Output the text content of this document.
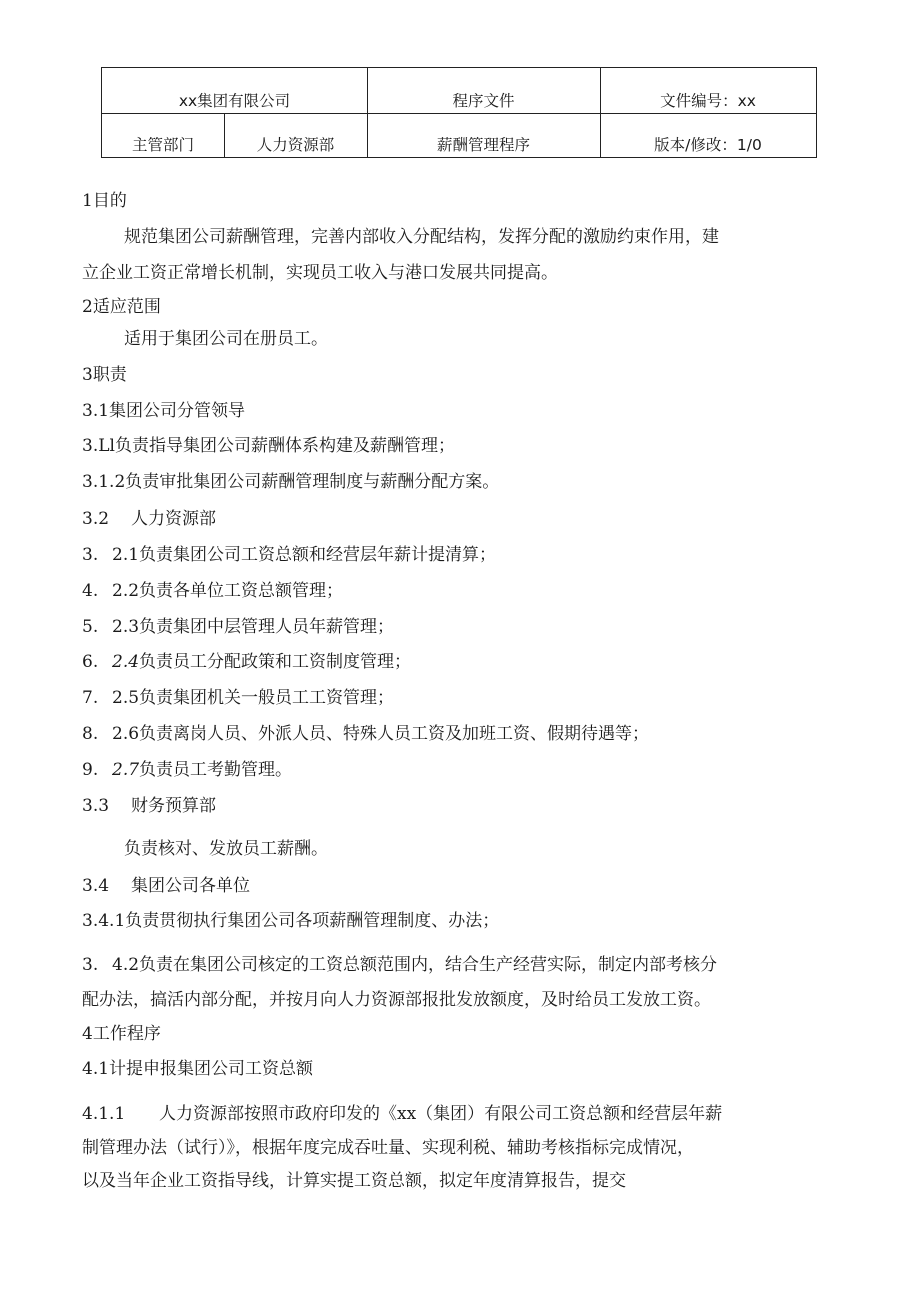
xx集团有限公司	程序文件	文件编号：xx
主管部门	人力资源部	薪酬管理程序	版本/修改：1/0
1目的
规范集团公司薪酬管理，完善内部收入分配结构，发挥分配的激励约束作用，建
立企业工资正常增长机制，实现员工收入与港口发展共同提高。
2适应范围
适用于集团公司在册员工。
3职责
3.1集团公司分管领导
3.Ll负责指导集团公司薪酬体系构建及薪酬管理；
3.1.2负责审批集团公司薪酬管理制度与薪酬分配方案。
3.2 人力资源部
3. 2.1负责集团公司工资总额和经营层年薪计提清算；
4. 2.2负责各单位工资总额管理；
5. 2.3负责集团中层管理人员年薪管理；
6. 2.4负责员工分配政策和工资制度管理；
7. 2.5负责集团机关一般员工工资管理；
8. 2.6负责离岗人员、外派人员、特殊人员工资及加班工资、假期待遇等；
9. 2.7负责员工考勤管理。
3.3 财务预算部
负责核对、发放员工薪酬。
3.4 集团公司各单位
3.4.1负责贯彻执行集团公司各项薪酬管理制度、办法；
3. 4.2负责在集团公司核定的工资总额范围内，结合生产经营实际，制定内部考核分
配办法，搞活内部分配，并按月向人力资源部报批发放额度，及时给员工发放工资。
4工作程序
4.1计提申报集团公司工资总额
4.1.1 人力资源部按照市政府印发的《xx（集团）有限公司工资总额和经营层年薪
制管理办法（试行）》，根据年度完成吞吐量、实现利税、辅助考核指标完成情况，
以及当年企业工资指导线，计算实提工资总额，拟定年度清算报告，提交
